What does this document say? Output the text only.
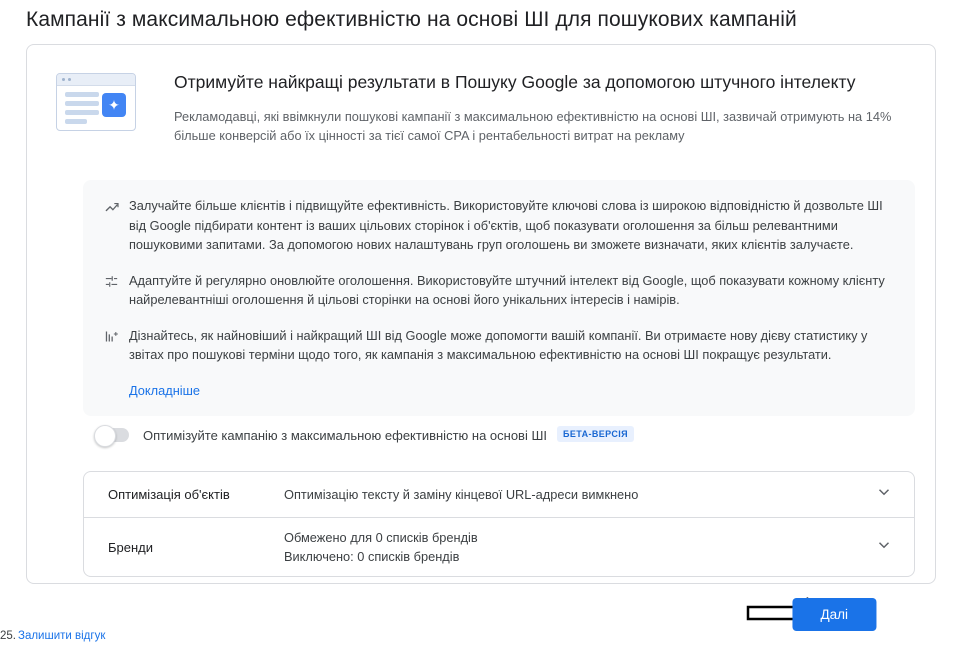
Кампанії з максимальною ефективністю на основі ШІ для пошукових кампаній
✦
Отримуйте найкращі результати в Пошуку Google за допомогою штучного інтелекту
Рекламодавці, які ввімкнули пошукові кампанії з максимальною ефективністю на основі ШІ, зазвичай отримують на 14% більше конверсій або їх цінності за тієї самої CPA і рентабельності витрат на рекламу
Залучайте більше клієнтів і підвищуйте ефективність. Використовуйте ключові слова із широкою відповідністю й дозвольте ШІ від Google підбирати контент із ваших цільових сторінок і об'єктів, щоб показувати оголошення за більш релевантними пошуковими запитами. За допомогою нових налаштувань груп оголошень ви зможете визначати, яких клієнтів залучаєте.
Адаптуйте й регулярно оновлюйте оголошення. Використовуйте штучний інтелект від Google, щоб показувати кожному клієнту найрелевантніші оголошення й цільові сторінки на основі його унікальних інтересів і намірів.
Дізнайтесь, як найновіший і найкращий ШІ від Google може допомогти вашій компанії. Ви отримаєте нову дієву статистику у звітах про пошукові терміни щодо того, як кампанія з максимальною ефективністю на основі ШІ покращує результати.
Докладніше
Оптимізуйте кампанію з максимальною ефективністю на основі ШІ	БЕТА-ВЕРСІЯ
Оптимізація об'єктів	Оптимізацію тексту й заміну кінцевої URL-адреси вимкнено
Бренди
Обмежено для 0 списків брендів
Виключено: 0 списків брендів
Далі
25. Залишити відгук
